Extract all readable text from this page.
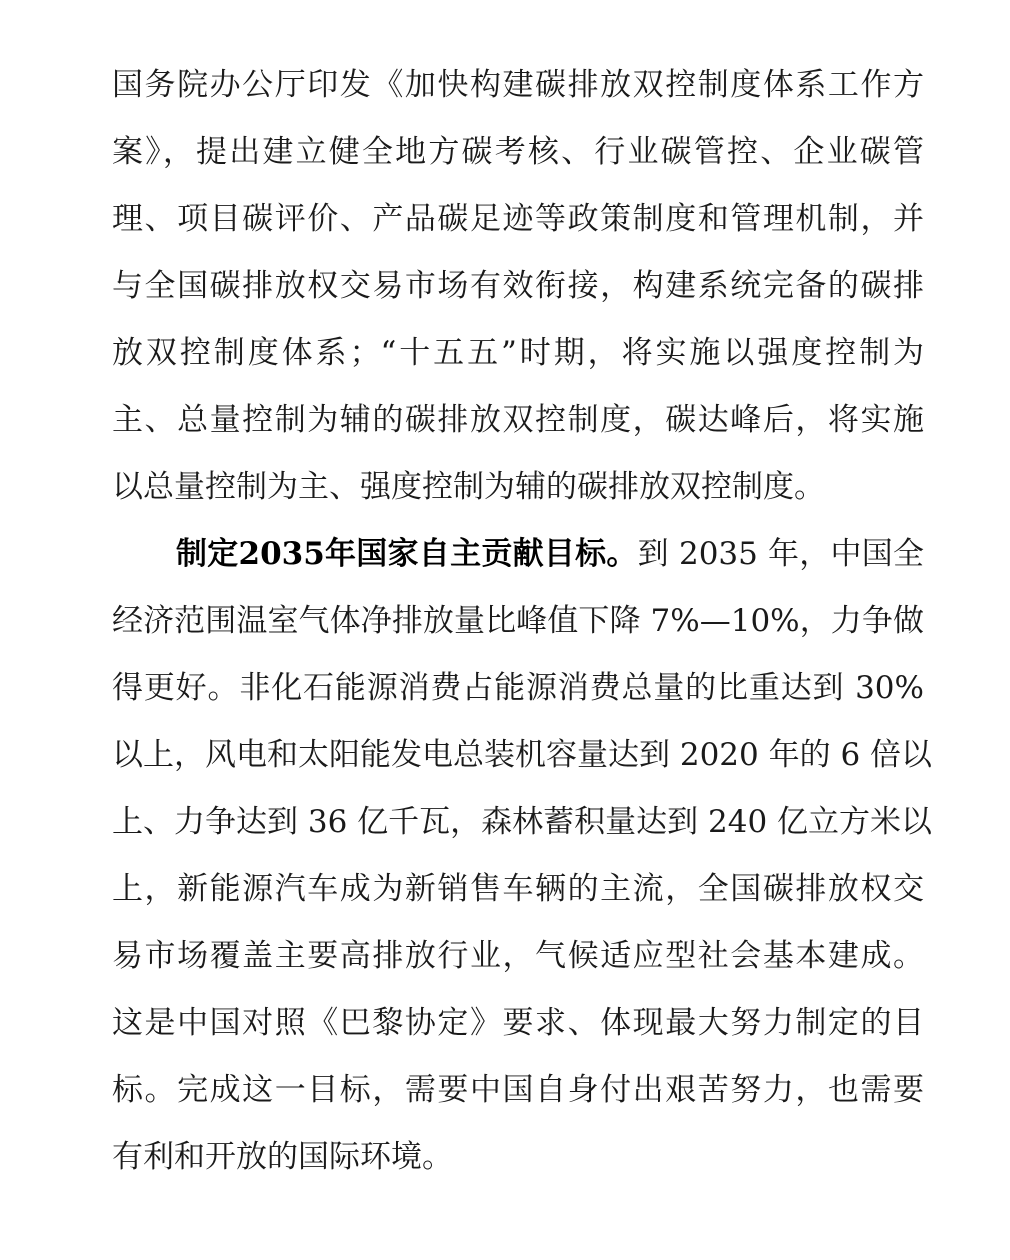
国务院办公厅印发《加快构建碳排放双控制度体系工作方
案》，提出建立健全地方碳考核、行业碳管控、企业碳管
理、项目碳评价、产品碳足迹等政策制度和管理机制，并
与全国碳排放权交易市场有效衔接，构建系统完备的碳排
放双控制度体系；“十五五”时期，将实施以强度控制为
主、总量控制为辅的碳排放双控制度，碳达峰后，将实施
以总量控制为主、强度控制为辅的碳排放双控制度。
制定2035年国家自主贡献目标。到 2035 年，中国全
经济范围温室气体净排放量比峰值下降 7%—10%，力争做
得更好。非化石能源消费占能源消费总量的比重达到 30%
以上，风电和太阳能发电总装机容量达到 2020 年的 6 倍以
上、力争达到 36 亿千瓦，森林蓄积量达到 240 亿立方米以
上，新能源汽车成为新销售车辆的主流，全国碳排放权交
易市场覆盖主要高排放行业，气候适应型社会基本建成。
这是中国对照《巴黎协定》要求、体现最大努力制定的目
标。完成这一目标，需要中国自身付出艰苦努力，也需要
有利和开放的国际环境。
